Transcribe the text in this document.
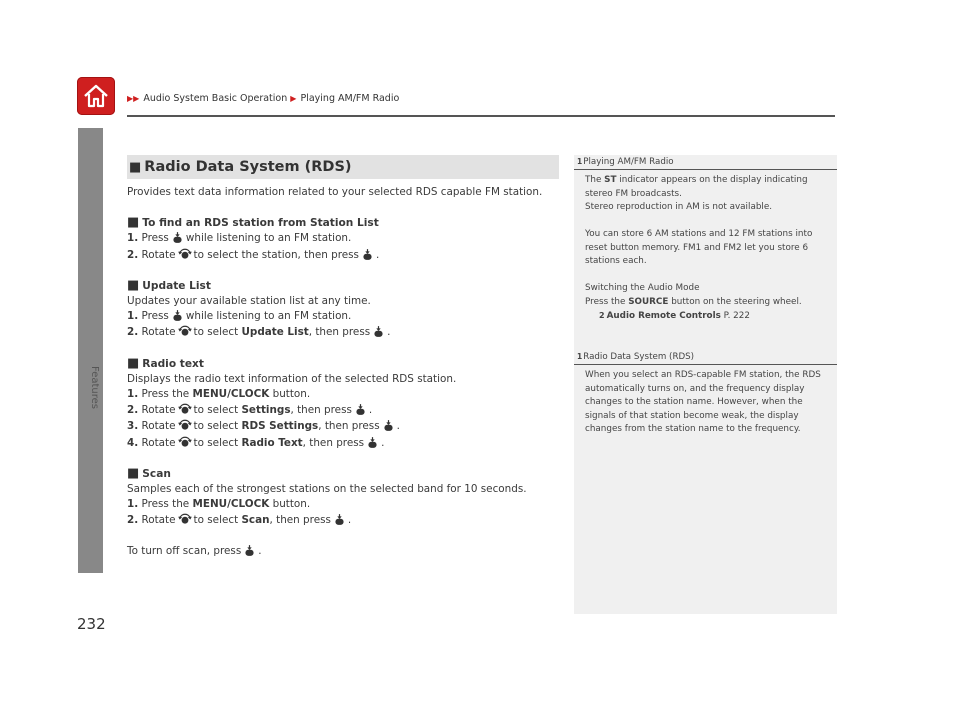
▶▶ Audio System Basic Operation ▶ Playing AM/FM Radio
Features
232
■ Radio Data System (RDS)

Provides text data information related to your selected RDS capable FM station.

■ To find an RDS station from Station List

1. Press while listening to an FM station.

2. Rotate to select the station, then press .

■ Update List

Updates your available station list at any time.

1. Press while listening to an FM station.

2. Rotate to select Update List, then press .

■ Radio text

Displays the radio text information of the selected RDS station.

1. Press the MENU/CLOCK button.

2. Rotate to select Settings, then press .

3. Rotate to select RDS Settings, then press .

4. Rotate to select Radio Text, then press .

■ Scan

Samples each of the strongest stations on the selected band for 10 seconds.

1. Press the MENU/CLOCK button.

2. Rotate to select Scan, then press .

To turn off scan, press .

1Playing AM/FM Radio

The ST indicator appears on the display indicating

stereo FM broadcasts.

Stereo reproduction in AM is not available.

You can store 6 AM stations and 12 FM stations into

reset button memory. FM1 and FM2 let you store 6

stations each.

Switching the Audio Mode

Press the SOURCE button on the steering wheel.

2 Audio Remote Controls P. 222

1Radio Data System (RDS)

When you select an RDS-capable FM station, the RDS

automatically turns on, and the frequency display

changes to the station name. However, when the

signals of that station become weak, the display

changes from the station name to the frequency.
